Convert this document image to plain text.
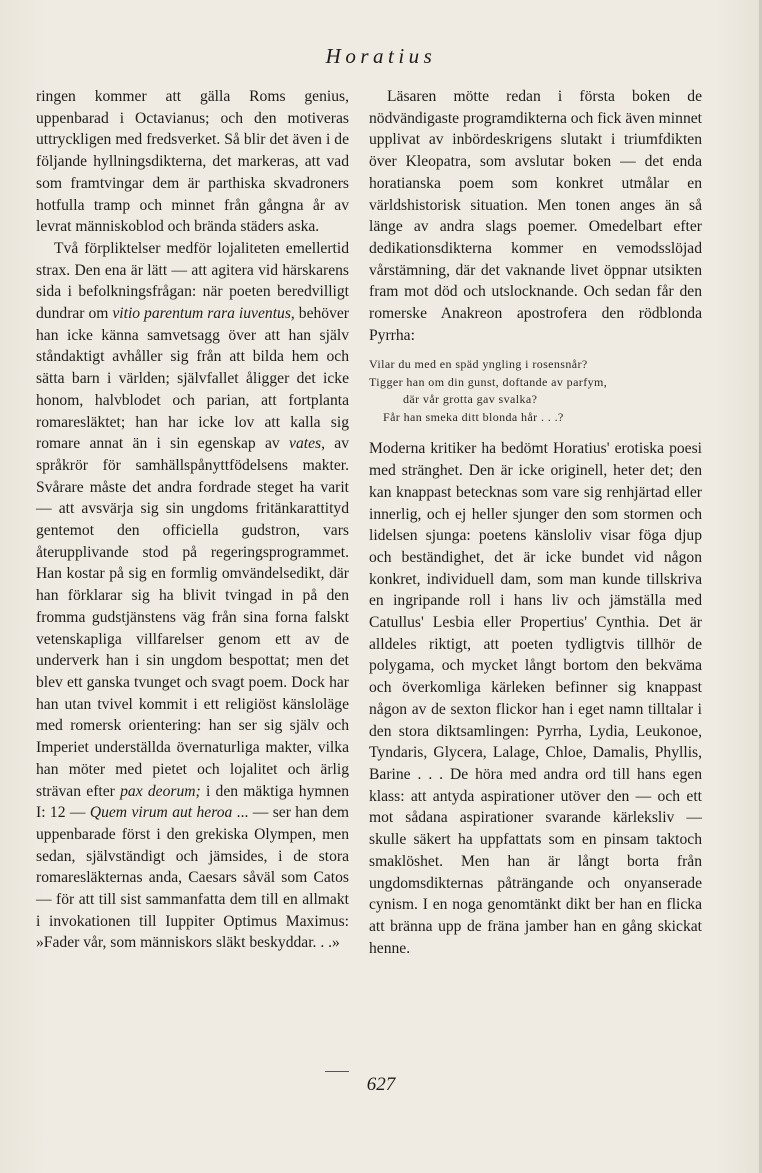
Horatius

ringen kommer att gälla Roms genius, uppenbarad i Octavianus; och den motiveras uttryckligen med fredsverket. Så blir det även i de följande hyllningsdikterna, det markeras, att vad som framtvingar dem är parthiska skvadroners hotfulla tramp och minnet från gångna år av levrat människoblod och brända städers aska.

Två förpliktelser medför lojaliteten emellertid strax. Den ena är lätt — att agitera vid härskarens sida i befolkningsfrågan: när poeten beredvilligt dundrar om vitio parentum rara iuventus, behöver han icke känna samvetsagg över att han själv ståndaktigt avhåller sig från att bilda hem och sätta barn i världen; självfallet åligger det icke honom, halvblodet och parian, att fortplanta romaresläktet; han har icke lov att kalla sig romare annat än i sin egenskap av vates, av språkrör för samhällspånyttfödelsens makter. Svårare måste det andra fordrade steget ha varit — att avsvärja sig sin ungdoms fritänkarattityd gentemot den officiella gudstron, vars återupplivande stod på regeringsprogrammet. Han kostar på sig en formlig omvändelsedikt, där han förklarar sig ha blivit tvingad in på den fromma gudstjänstens väg från sina forna falskt vetenskapliga villfarelser genom ett av de underverk han i sin ungdom bespottat; men det blev ett ganska tvunget och svagt poem. Dock har han utan tvivel kommit i ett religiöst känsloläge med romersk orientering: han ser sig själv och Imperiet underställda övernaturliga makter, vilka han möter med pietet och lojalitet och ärlig strävan efter pax deorum; i den mäktiga hymnen I: 12 — Quem virum aut heroa ... — ser han dem uppenbarade först i den grekiska Olympen, men sedan, självständigt och jämsides, i de stora romaresläkternas anda, Caesars såväl som Catos — för att till sist sammanfatta dem till en allmakt i invokationen till Iuppiter Optimus Maximus: »Fader vår, som människors släkt beskyddar. . .»

Läsaren mötte redan i första boken de nödvändigaste programdikterna och fick även minnet upplivat av inbördeskrigens slutakt i triumfdikten över Kleopatra, som avslutar boken — det enda horatianska poem som konkret utmålar en världshistorisk situation. Men tonen anges än så länge av andra slags poemer. Omedelbart efter dedikationsdikterna kommer en vemodsslöjad vårstämning, där det vaknande livet öppnar utsikten fram mot död och utslocknande. Och sedan får den romerske Anakreon apostrofera den rödblonda Pyrrha:

Vilar du med en späd yngling i rosensnår?
Tigger han om din gunst, doftande av parfym,
där vår grotta gav svalka?
Får han smeka ditt blonda hår . . .?

Moderna kritiker ha bedömt Horatius' erotiska poesi med stränghet. Den är icke originell, heter det; den kan knappast betecknas som vare sig renhjärtad eller innerlig, och ej heller sjunger den som stormen och lidelsen sjunga: poetens känsloliv visar föga djup och beständighet, det är icke bundet vid någon konkret, individuell dam, som man kunde tillskriva en ingripande roll i hans liv och jämställa med Catullus' Lesbia eller Propertius' Cynthia. Det är alldeles riktigt, att poeten tydligtvis tillhör de polygama, och mycket långt bortom den bekväma och överkomliga kärleken befinner sig knappast någon av de sexton flickor han i eget namn tilltalar i den stora diktsamlingen: Pyrrha, Lydia, Leukonoe, Tyndaris, Glycera, Lalage, Chloe, Damalis, Phyllis, Barine . . . De höra med andra ord till hans egen klass: att antyda aspirationer utöver den — och ett mot sådana aspirationer svarande kärleksliv — skulle säkert ha uppfattats som en pinsam taktoch smaklöshet. Men han är långt borta från ungdomsdikternas påträngande och onyanserade cynism. I en noga genomtänkt dikt ber han en flicka att bränna upp de fräna jamber han en gång skickat henne.

627
